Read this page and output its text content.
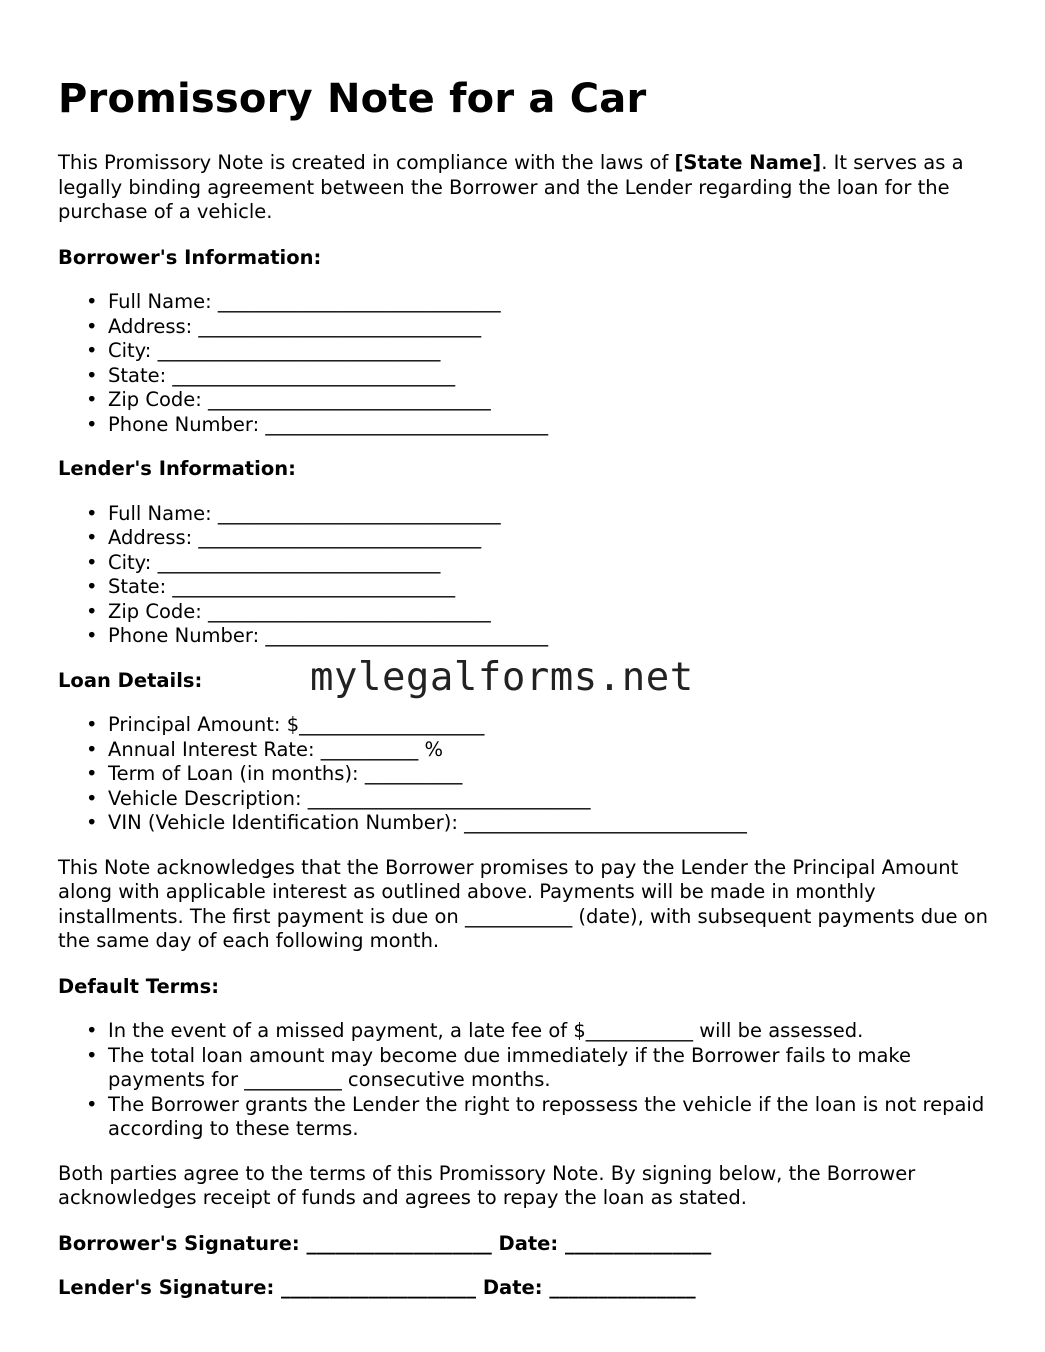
Promissory Note for a Car

This Promissory Note is created in compliance with the laws of [State Name]. It serves as a legally binding agreement between the Borrower and the Lender regarding the loan for the purchase of a vehicle.

Borrower's Information:
• Full Name: _____________________________
• Address: _____________________________
• City: _____________________________
• State: _____________________________
• Zip Code: _____________________________
• Phone Number: _____________________________
Lender's Information:
• Full Name: _____________________________
• Address: _____________________________
• City: _____________________________
• State: _____________________________
• Zip Code: _____________________________
• Phone Number: _____________________________
Loan Details:
• Principal Amount: $___________________
• Annual Interest Rate: __________ %
• Term of Loan (in months): __________
• Vehicle Description: _____________________________
• VIN (Vehicle Identification Number): _____________________________

This Note acknowledges that the Borrower promises to pay the Lender the Principal Amount along with applicable interest as outlined above. Payments will be made in monthly installments. The first payment is due on ___________ (date), with subsequent payments due on the same day of each following month.

Default Terms:
• In the event of a missed payment, a late fee of $___________ will be assessed.
• The total loan amount may become due immediately if the Borrower fails to make payments for __________ consecutive months.
• The Borrower grants the Lender the right to repossess the vehicle if the loan is not repaid according to these terms.

Both parties agree to the terms of this Promissory Note. By signing below, the Borrower acknowledges receipt of funds and agrees to repay the loan as stated.

Borrower's Signature: ___________________ Date: _______________
Lender's Signature: ____________________ Date: _______________
mylegalforms.net
